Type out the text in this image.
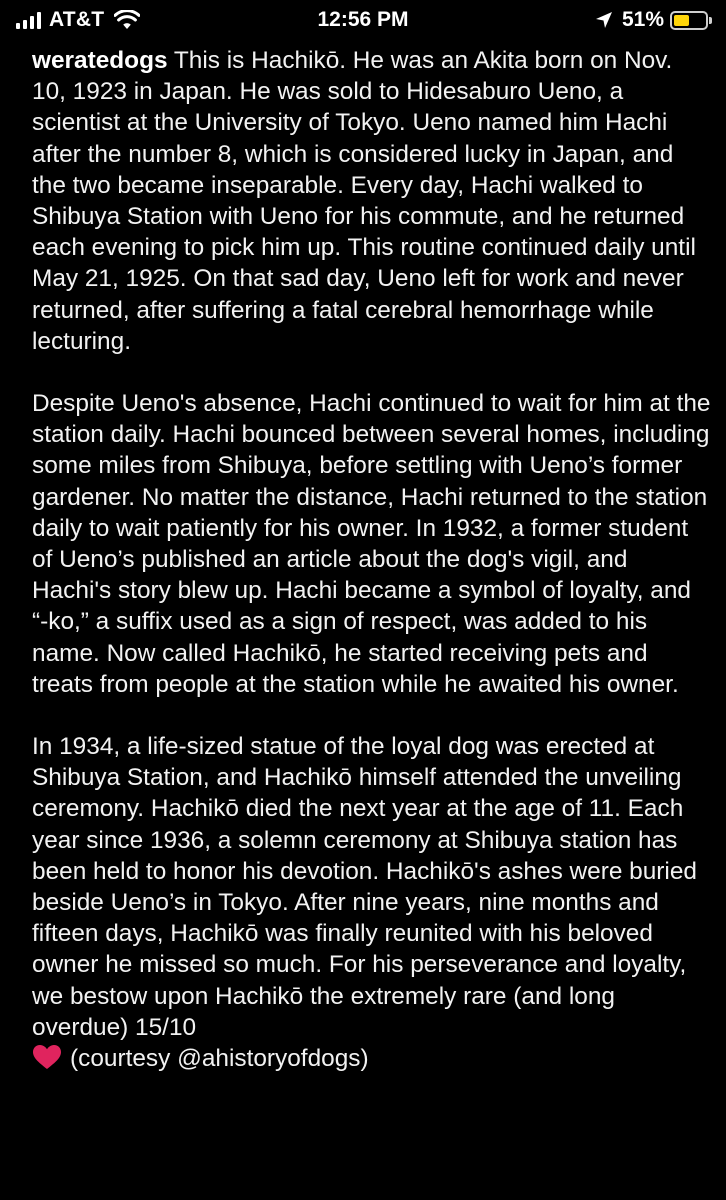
AT&T	12:56 PM	51%

weratedogs This is Hachikō. He was an Akita born on Nov. 10, 1923 in Japan. He was sold to Hidesaburo Ueno, a scientist at the University of Tokyo. Ueno named him Hachi after the number 8, which is considered lucky in Japan, and the two became inseparable. Every day, Hachi walked to Shibuya Station with Ueno for his commute, and he returned each evening to pick him up. This routine continued daily until May 21, 1925. On that sad day, Ueno left for work and never returned, after suffering a fatal cerebral hemorrhage while lecturing.

Despite Ueno's absence, Hachi continued to wait for him at the station daily. Hachi bounced between several homes, including some miles from Shibuya, before settling with Ueno’s former gardener. No matter the distance, Hachi returned to the station daily to wait patiently for his owner. In 1932, a former student of Ueno’s published an article about the dog's vigil, and Hachi's story blew up. Hachi became a symbol of loyalty, and “-ko,” a suffix used as a sign of respect, was added to his name. Now called Hachikō, he started receiving pets and treats from people at the station while he awaited his owner.

In 1934, a life-sized statue of the loyal dog was erected at Shibuya Station, and Hachikō himself attended the unveiling ceremony. Hachikō died the next year at the age of 11. Each year since 1936, a solemn ceremony at Shibuya station has been held to honor his devotion. Hachikō's ashes were buried beside Ueno’s in Tokyo. After nine years, nine months and fifteen days, Hachikō was finally reunited with his beloved owner he missed so much. For his perseverance and loyalty, we bestow upon Hachikō the extremely rare (and long overdue) 15/10
(courtesy @ahistoryofdogs)
